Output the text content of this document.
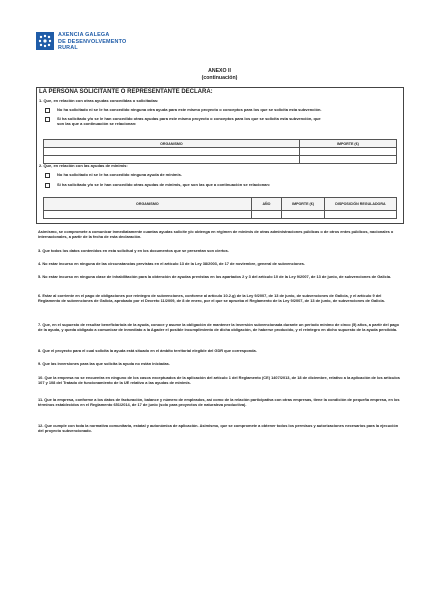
AXENCIA GALEGA
DE DESENVOLVEMENTO
RURAL
ANEXO II
(continuación)
LA PERSONA SOLICITANTE O REPRESENTANTE DECLARA:
1. Que, en relación con otras ayudas concedidas o solicitadas:
No ha solicitado ni se le ha concedido ninguna otra ayuda para este mismo proyecto o conceptos para los que se solicita esta subvención.
Sí ha solicitado y/o se le han concedido otras ayudas para este mismo proyecto o conceptos para los que se solicita esta subvención, que
son las que a continuación se relacionan:
ORGANISMO	IMPORTE (€)

2. Que, en relación con las ayudas de minimis:
No ha solicitado ni se le ha concedido ninguna ayuda de minimis.
Sí ha solicitado y/o se le han concedido otras ayudas de minimis, que son las que a continuación se relacionan:
ORGANISMO	AÑO	IMPORTE (€)	DISPOSICIÓN REGULADORA

Asimismo, se compromete a comunicar inmediatamente cuantas ayudas solicite y/o obtenga en régimen de minimis de otras administraciones públicas o de otros entes públicos, nacionales o internacionales, a partir de la fecha de esta declaración.
3. Que todos los datos contenidos en esta solicitud y en los documentos que se presentan son ciertos.
4. No estar incurso en ninguna de las circunstancias previstas en el artículo 13 de la Ley 38/2003, de 17 de noviembre, general de subvenciones.
5. No estar incurso en ninguna clase de inhabilitación para la obtención de ayudas previstas en los apartados 2 y 3 del artículo 10 de la Ley 9/2007, de 13 de junio, de subvenciones de Galicia.
6. Estar al corriente en el pago de obligaciones por reintegro de subvenciones, conforme al artículo 10.2.g) de la Ley 9/2007, de 13 de junio, de subvenciones de Galicia, y el artículo 9 del Reglamento de subvenciones de Galicia, aprobado por el Decreto 11/2009, de 8 de enero, por el que se aprueba el Reglamento de la Ley 9/2007, de 13 de junio, de subvenciones de Galicia.
7. Que, en el supuesto de resultar beneficiario/a de la ayuda, conoce y asume la obligación de mantener la inversión subvencionada durante un periodo mínimo de cinco (5) años, a partir del pago de la ayuda, y queda obligado a comunicar de inmediato a la Agader el posible incumplimiento de dicha obligación, de haberse producido, y el reintegro en dicho supuesto de la ayuda percibida.
8. Que el proyecto para el cual solicita la ayuda está situado en el ámbito territorial elegible del GDR que corresponda.
9. Que las inversiones para las que solicita la ayuda no están iniciadas.
10. Que la empresa no se encuentra en ninguno de los casos exceptuados de la aplicación del artículo 1 del Reglamento (CE) 1407/2013, de 18 de diciembre, relativo a la aplicación de los artículos 107 y 108 del Tratado de funcionamiento de la UE relativo a las ayudas de minimis.
11. Que la empresa, conforme a los datos de facturación, balance y número de empleados, así como de la relación participativa con otras empresas, tiene la condición de pequeña empresa, en los términos establecidos en el Reglamento 651/2014, de 17 de junio (solo para proyectos de naturaleza productiva).
12. Que cumple con toda la normativa comunitaria, estatal y autonómica de aplicación. Asimismo, que se compromete a obtener todos los permisos y autorizaciones necesarios para la ejecución del proyecto subvencionado.
